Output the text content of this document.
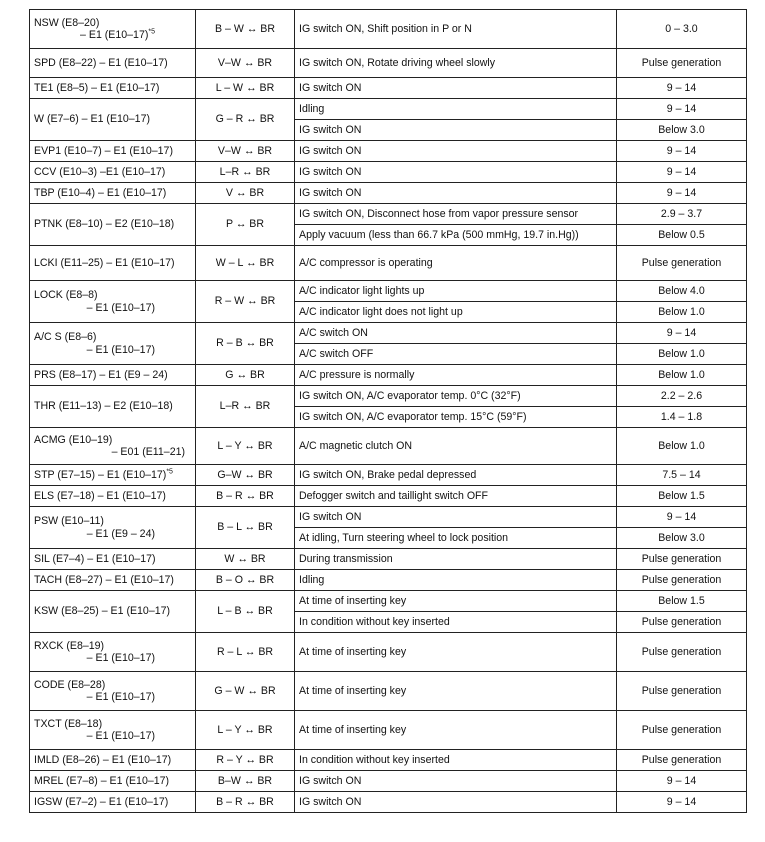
NSW (E8–20)
– E1 $(E10-17)^{*5}$	B – W ↔ BR	IG switch ON, Shift position in P or N	0 – 3.0

SPD (E8–22) – E1 (E10–17)	V–W ↔ BR	IG switch ON, Rotate driving wheel slowly	Pulse generation

TE1 (E8–5) – E1 (E10–17)	L – W ↔ BR	IG switch ON	9 – 14

W (E7–6) – E1 (E10–17)	G – R ↔ BR	Idling	9 – 14
		IG switch ON	Below 3.0

EVP1 (E10–7) – E1 (E10–17)	V–W ↔ BR	IG switch ON	9 – 14

CCV (E10–3) –E1 (E10–17)	L–R ↔ BR	IG switch ON	9 – 14

TBP (E10–4) – E1 (E10–17)	V ↔ BR	IG switch ON	9 – 14

PTNK (E8–10) – E2 (E10–18)	P ↔ BR	IG switch ON, Disconnect hose from vapor pressure sensor	2.9 – 3.7
		Apply vacuum (less than 66.7 kPa (500 mmHg, 19.7 in.Hg))	Below 0.5

LCKI (E11–25) – E1 (E10–17)	W – L ↔ BR	A/C compressor is operating	Pulse generation

LOCK (E8–8)
– E1 (E10–17)	R – W ↔ BR	A/C indicator light lights up	Below 4.0
		A/C indicator light does not light up	Below 1.0

A/C S (E8–6)
– E1 (E10–17)	R – B ↔ BR	A/C switch ON	9 – 14
		A/C switch OFF	Below 1.0

PRS (E8–17) – E1 (E9 – 24)	G ↔ BR	A/C pressure is normally	Below 1.0

THR (E11–13) – E2 (E10–18)	L–R ↔ BR	IG switch ON, A/C evaporator temp. 0°C (32°F)	2.2 – 2.6
		IG switch ON, A/C evaporator temp. 15°C (59°F)	1.4 – 1.8

ACMG (E10–19)
– E01 (E11–21)	L – Y ↔ BR	A/C magnetic clutch ON	Below 1.0
STP (E7–15) – E1 $(E10-17)^{*5}$	G–W ↔ BR	IG switch ON, Brake pedal depressed	7.5 – 14

ELS (E7–18) – E1 (E10–17)	B – R ↔ BR	Defogger switch and taillight switch OFF	Below 1.5

PSW (E10–11)
– E1 (E9 – 24)	B – L ↔ BR	IG switch ON	9 – 14
		At idling, Turn steering wheel to lock position	Below 3.0

SIL (E7–4) – E1 (E10–17)	W ↔ BR	During transmission	Pulse generation

TACH (E8–27) – E1 (E10–17)	B – O ↔ BR	Idling	Pulse generation

KSW (E8–25) – E1 (E10–17)	L – B ↔ BR	At time of inserting key	Below 1.5
		In condition without key inserted	Pulse generation

RXCK (E8–19)
– E1 (E10–17)	R – L ↔ BR	At time of inserting key	Pulse generation

CODE (E8–28)
– E1 (E10–17)	G – W ↔ BR	At time of inserting key	Pulse generation

TXCT (E8–18)
– E1 (E10–17)	L – Y ↔ BR	At time of inserting key	Pulse generation

IMLD (E8–26) – E1 (E10–17)	R – Y ↔ BR	In condition without key inserted	Pulse generation

MREL (E7–8) – E1 (E10–17)	B–W ↔ BR	IG switch ON	9 – 14

IGSW (E7–2) – E1 (E10–17)	B – R ↔ BR	IG switch ON	9 – 14
